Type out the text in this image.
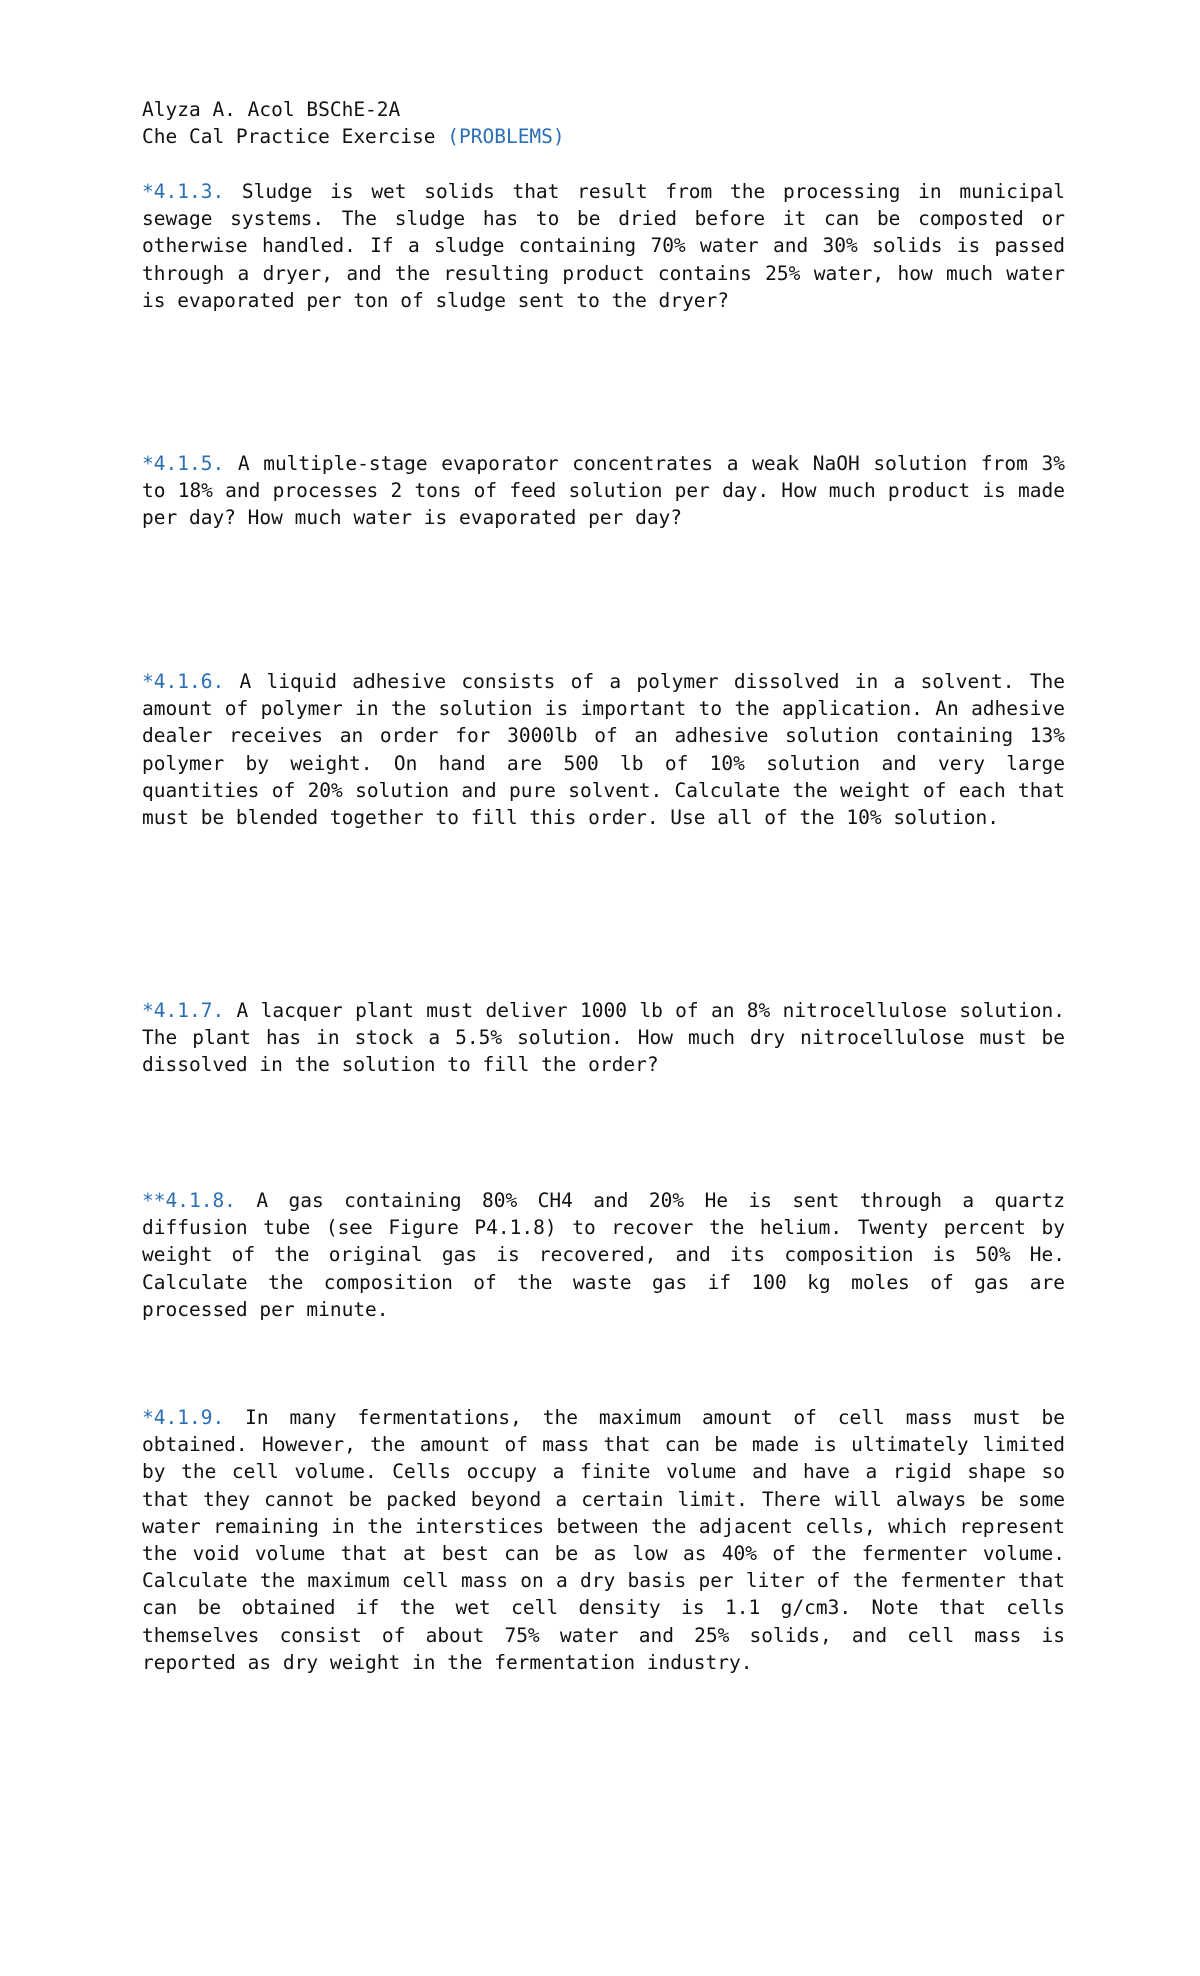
Alyza A. Acol BSChE-2A
Che Cal Practice Exercise (PROBLEMS)
*4.1.3. Sludge is wet solids that result from the processing in municipal sewage systems. The sludge has to be dried before it can be composted or otherwise handled. If a sludge containing 70% water and 30% solids is passed through a dryer, and the resulting product contains 25% water, how much water is evaporated per ton of sludge sent to the dryer?
*4.1.5. A multiple-stage evaporator concentrates a weak NaOH solution from 3% to 18% and processes 2 tons of feed solution per day. How much product is made per day? How much water is evaporated per day?
*4.1.6. A liquid adhesive consists of a polymer dissolved in a solvent. The amount of polymer in the solution is important to the application. An adhesive dealer receives an order for 3000lb of an adhesive solution containing 13% polymer by weight. On hand are 500 lb of 10% solution and very large quantities of 20% solution and pure solvent. Calculate the weight of each that must be blended together to fill this order. Use all of the 10% solution.
*4.1.7. A lacquer plant must deliver 1000 lb of an 8% nitrocellulose solution. The plant has in stock a 5.5% solution. How much dry nitrocellulose must be dissolved in the solution to fill the order?
**4.1.8. A gas containing 80% CH4 and 20% He is sent through a quartz diffusion tube (see Figure P4.1.8) to recover the helium. Twenty percent by weight of the original gas is recovered, and its composition is 50% He. Calculate the composition of the waste gas if 100 kg moles of gas are processed per minute.
*4.1.9. In many fermentations, the maximum amount of cell mass must be obtained. However, the amount of mass that can be made is ultimately limited by the cell volume. Cells occupy a finite volume and have a rigid shape so that they cannot be packed beyond a certain limit. There will always be some water remaining in the interstices between the adjacent cells, which represent the void volume that at best can be as low as 40% of the fermenter volume. Calculate the maximum cell mass on a dry basis per liter of the fermenter that can be obtained if the wet cell density is 1.1 g/cm3. Note that cells themselves consist of about 75% water and 25% solids, and cell mass is reported as dry weight in the fermentation industry.
